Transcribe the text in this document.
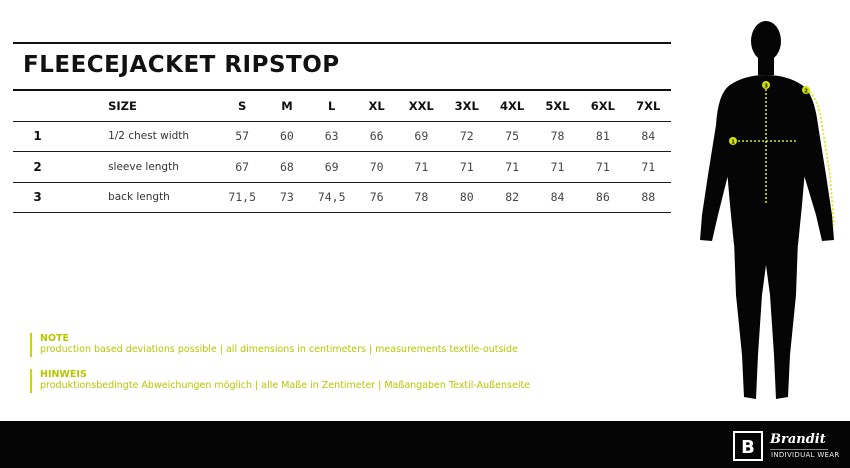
FLEECEJACKET RIPSTOP
	SIZE	S	M	L	XL	XXL	3XL	4XL	5XL	6XL	7XL
1	1/2 chest width	57	60	63	66	69	72	75	78	81	84
2	sleeve length	67	68	69	70	71	71	71	71	71	71
3	back length	71,5	73	74,5	76	78	80	82	84	86	88
NOTE
production based deviations possible | all dimensions in centimeters | measurements textile-outside
HINWEIS
produktionsbedingte Abweichungen möglich | alle Maße in Zentimeter | Maßangaben Textil-Außenseite
1
2
3
B Brandit
INDIVIDUAL WEAR
